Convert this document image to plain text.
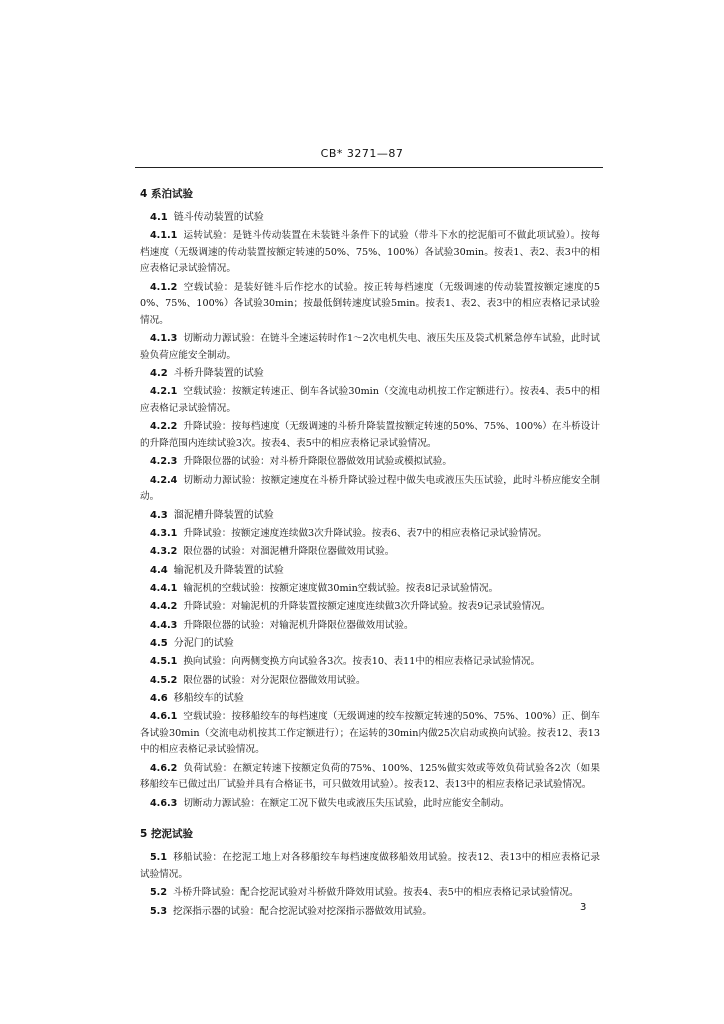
CB* 3271—87
4 系泊试验
4.1 链斗传动装置的试验
4.1.1 运转试验：是链斗传动装置在未装链斗条件下的试验（带斗下水的挖泥船可不做此项试验）。按每档速度（无级调速的传动装置按额定转速的50%、75%、100%）各试验30min。按表1、表2、表3中的相应表格记录试验情况。
4.1.2 空载试验：是装好链斗后作挖水的试验。按正转每档速度（无级调速的传动装置按额定速度的50%、75%、100%）各试验30min；按最低倒转速度试验5min。按表1、表2、表3中的相应表格记录试验情况。
4.1.3 切断动力源试验：在链斗全速运转时作1～2次电机失电、液压失压及袋式机紧急停车试验，此时试验负荷应能安全制动。
4.2 斗桥升降装置的试验
4.2.1 空载试验：按额定转速正、倒车各试验30min（交流电动机按工作定额进行）。按表4、表5中的相应表格记录试验情况。
4.2.2 升降试验：按每档速度（无级调速的斗桥升降装置按额定转速的50%、75%、100%）在斗桥设计的升降范围内连续试验3次。按表4、表5中的相应表格记录试验情况。
4.2.3 升降限位器的试验：对斗桥升降限位器做效用试验或模拟试验。
4.2.4 切断动力源试验：按额定速度在斗桥升降试验过程中做失电或液压失压试验，此时斗桥应能安全制动。
4.3 溜泥槽升降装置的试验
4.3.1 升降试验：按额定速度连续做3次升降试验。按表6、表7中的相应表格记录试验情况。
4.3.2 限位器的试验：对溜泥槽升降限位器做效用试验。
4.4 输泥机及升降装置的试验
4.4.1 输泥机的空载试验：按额定速度做30min空载试验。按表8记录试验情况。
4.4.2 升降试验：对输泥机的升降装置按额定速度连续做3次升降试验。按表9记录试验情况。
4.4.3 升降限位器的试验：对输泥机升降限位器做效用试验。
4.5 分泥门的试验
4.5.1 换向试验：向两侧变换方向试验各3次。按表10、表11中的相应表格记录试验情况。
4.5.2 限位器的试验：对分泥限位器做效用试验。
4.6 移船绞车的试验
4.6.1 空载试验：按移船绞车的每档速度（无级调速的绞车按额定转速的50%、75%、100%）正、倒车各试验30min（交流电动机按其工作定额进行）；在运转的30min内做25次启动或换向试验。按表12、表13中的相应表格记录试验情况。
4.6.2 负荷试验：在额定转速下按额定负荷的75%、100%、125%做实效或等效负荷试验各2次（如果移船绞车已做过出厂试验并具有合格证书，可只做效用试验）。按表12、表13中的相应表格记录试验情况。
4.6.3 切断动力源试验：在额定工况下做失电或液压失压试验，此时应能安全制动。
5 挖泥试验
5.1 移船试验：在挖泥工地上对各移船绞车每档速度做移船效用试验。按表12、表13中的相应表格记录试验情况。
5.2 斗桥升降试验：配合挖泥试验对斗桥做升降效用试验。按表4、表5中的相应表格记录试验情况。
5.3 挖深指示器的试验：配合挖泥试验对挖深指示器做效用试验。	3
